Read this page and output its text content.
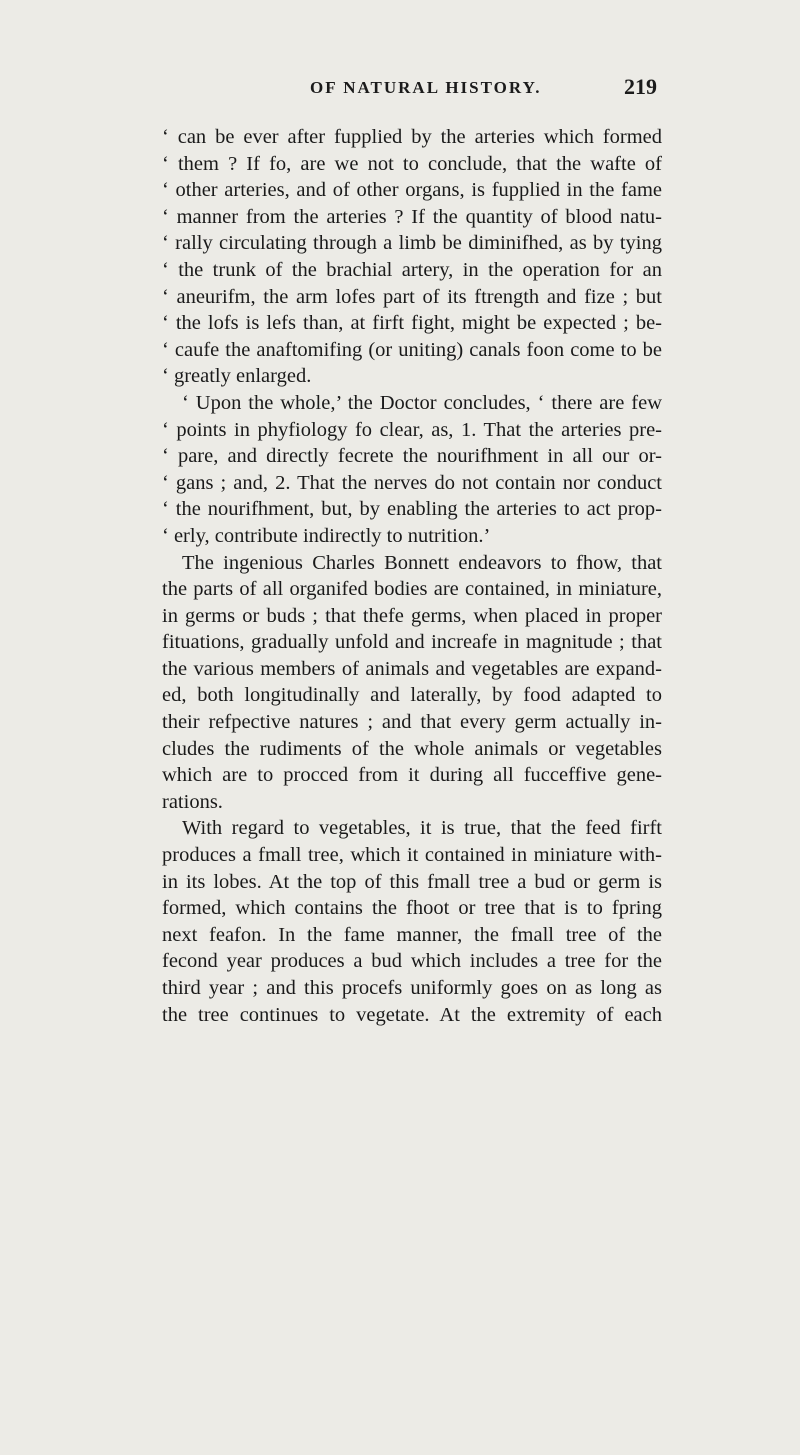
OF NATURAL HISTORY.	219
‘ can be ever after fupplied by the arteries which formed
‘ them ? If fo, are we not to conclude, that the wafte of
‘ other arteries, and of other organs, is fupplied in the fame
‘ manner from the arteries ? If the quantity of blood natu-
‘ rally circulating through a limb be diminifhed, as by tying
‘ the trunk of the brachial artery, in the operation for an
‘ aneurifm, the arm lofes part of its ftrength and fize ; but
‘ the lofs is lefs than, at firft fight, might be expected ; be-
‘ caufe the anaftomifing (or uniting) canals foon come to be
‘ greatly enlarged.
‘ Upon the whole,’ the Doctor concludes, ‘ there are few
‘ points in phyfiology fo clear, as, 1. That the arteries pre-
‘ pare, and directly fecrete the nourifhment in all our or-
‘ gans ; and, 2. That the nerves do not contain nor conduct
‘ the nourifhment, but, by enabling the arteries to act prop-
‘ erly, contribute indirectly to nutrition.’
The ingenious Charles Bonnett endeavors to fhow, that
the parts of all organifed bodies are contained, in miniature,
in germs or buds ; that thefe germs, when placed in proper
fituations, gradually unfold and increafe in magnitude ; that
the various members of animals and vegetables are expand-
ed, both longitudinally and laterally, by food adapted to
their refpective natures ; and that every germ actually in-
cludes the rudiments of the whole animals or vegetables
which are to procced from it during all fucceffive gene-
rations.
With regard to vegetables, it is true, that the feed firft
produces a fmall tree, which it contained in miniature with-
in its lobes. At the top of this fmall tree a bud or germ is
formed, which contains the fhoot or tree that is to fpring
next feafon. In the fame manner, the fmall tree of the
fecond year produces a bud which includes a tree for the
third year ; and this procefs uniformly goes on as long as
the tree continues to vegetate. At the extremity of each
